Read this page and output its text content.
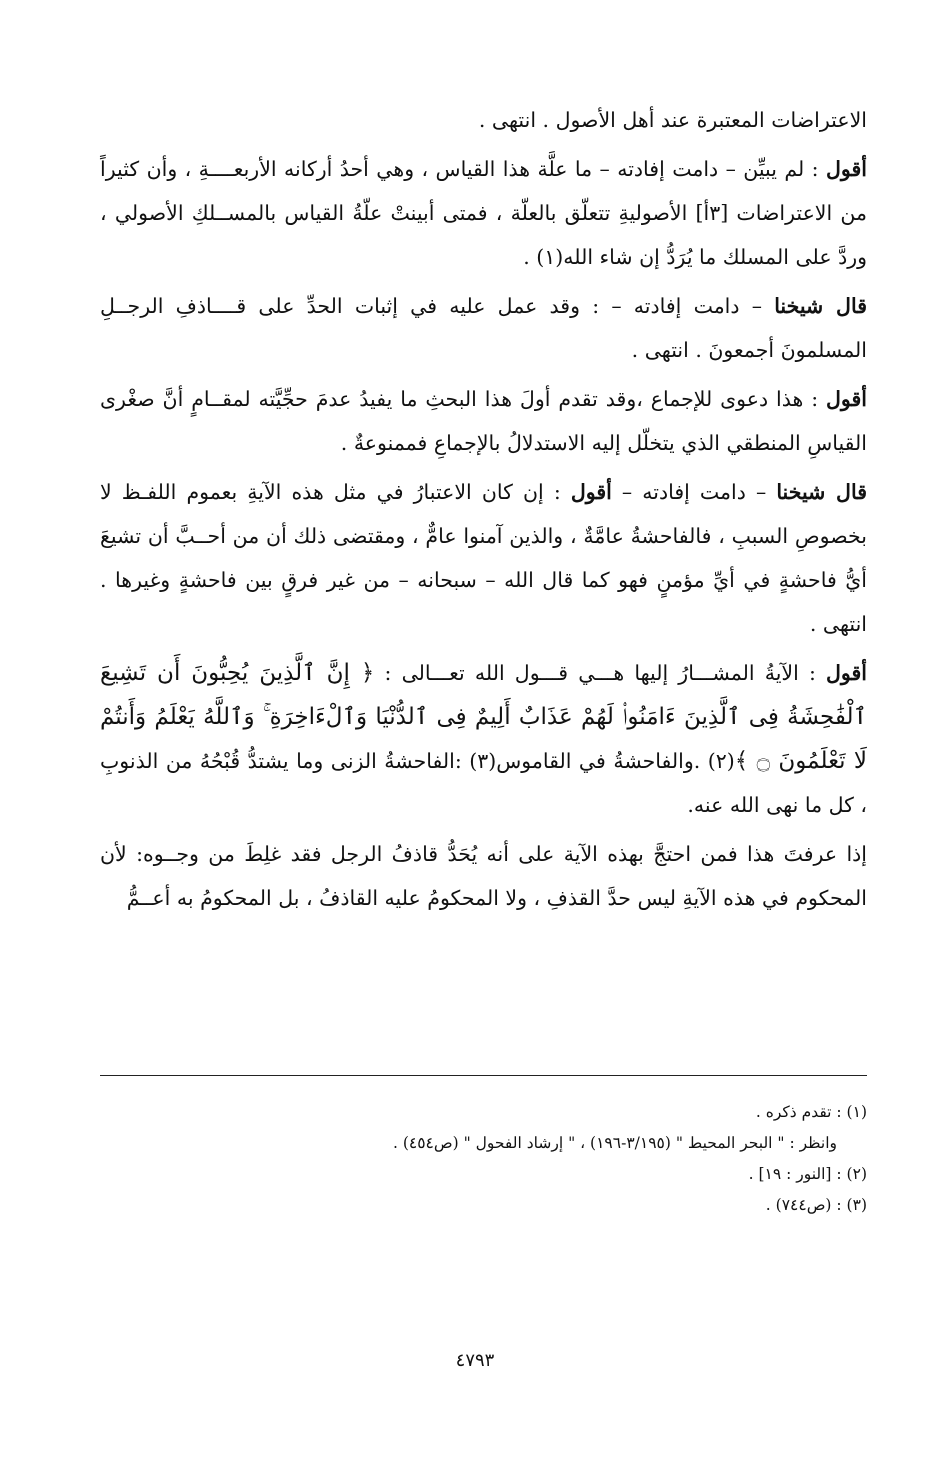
الاعتراضات المعتبرة عند أهل الأصول . انتهى .

أقول : لم يبيِّن – دامت إفادته – ما علَّة هذا القياس ، وهي أحدُ أركانه الأربعــــةِ ، وأن كثيراً من الاعتراضات [٣أ] الأصوليةِ تتعلّق بالعلّة ، فمتى أبينتْ علّةُ القياس بالمســلكِ الأصولي ، وردَّ على المسلك ما يُرَدُّ إن شاء الله(١) .

قال شيخنا – دامت إفادته – : وقد عمل عليه في إثبات الحدِّ على قــــاذفِ الرجــلِ المسلمونَ أجمعونَ . انتهى .

أقول : هذا دعوى للإجماع ،وقد تقدم أولَ هذا البحثِ ما يفيدُ عدمَ حجِّيَّته لمقــامٍ أنَّ صغْرى القياسِ المنطقي الذي يتخلّل إليه الاستدلالُ بالإجماعِ فممنوعةٌ .

قال شيخنا – دامت إفادته – أقول : إن كان الاعتبارُ في مثل هذه الآيةِ بعموم اللفـظ لا بخصوصِ السببِ ، فالفاحشةُ عامَّةٌ ، والذين آمنوا عامٌّ ، ومقتضى ذلك أن من أحــبَّ أن تشيعَ أيُّ فاحشةٍ في أيِّ مؤمنٍ فهو كما قال الله – سبحانه – من غير فرقٍ بين فاحشةٍ وغيرها . انتهى .

أقول : الآيةُ المشـــارُ إليها هـــي قـــول الله تعـــالى : ﴿ إِنَّ ٱلَّذِينَ يُحِبُّونَ أَن تَشِيعَ ٱلْفَٰحِشَةُ فِى ٱلَّذِينَ ءَامَنُوا۟ لَهُمْ عَذَابٌ أَلِيمٌ فِى ٱلدُّنْيَا وَٱلْءَاخِرَةِ ۚ وَٱللَّهُ يَعْلَمُ وَأَنتُمْ لَا تَعْلَمُونَ ۝ ﴾(٢) .والفاحشةُ في القاموس(٣) :الفاحشةُ الزنى وما يشتدُّ قُبْحُهُ من الذنوبِ ، كل ما نهى الله عنه.

إذا عرفتَ هذا فمن احتجَّ بهذه الآية على أنه يُحَدُّ قاذفُ الرجل فقد غلِطَ من وجــوه: لأن المحكوم في هذه الآيةِ ليس حدَّ القذفِ ، ولا المحكومُ عليه القاذفُ ، بل المحكومُ به أعــمُّ

(١) : تقدم ذكره .

وانظر : " البحر المحيط " (٣/١٩٥-١٩٦) ، " إرشاد الفحول " (ص٤٥٤) .

(٢) : [النور : ١٩] .

(٣) : (ص٧٤٤) .

٤٧٩٣
